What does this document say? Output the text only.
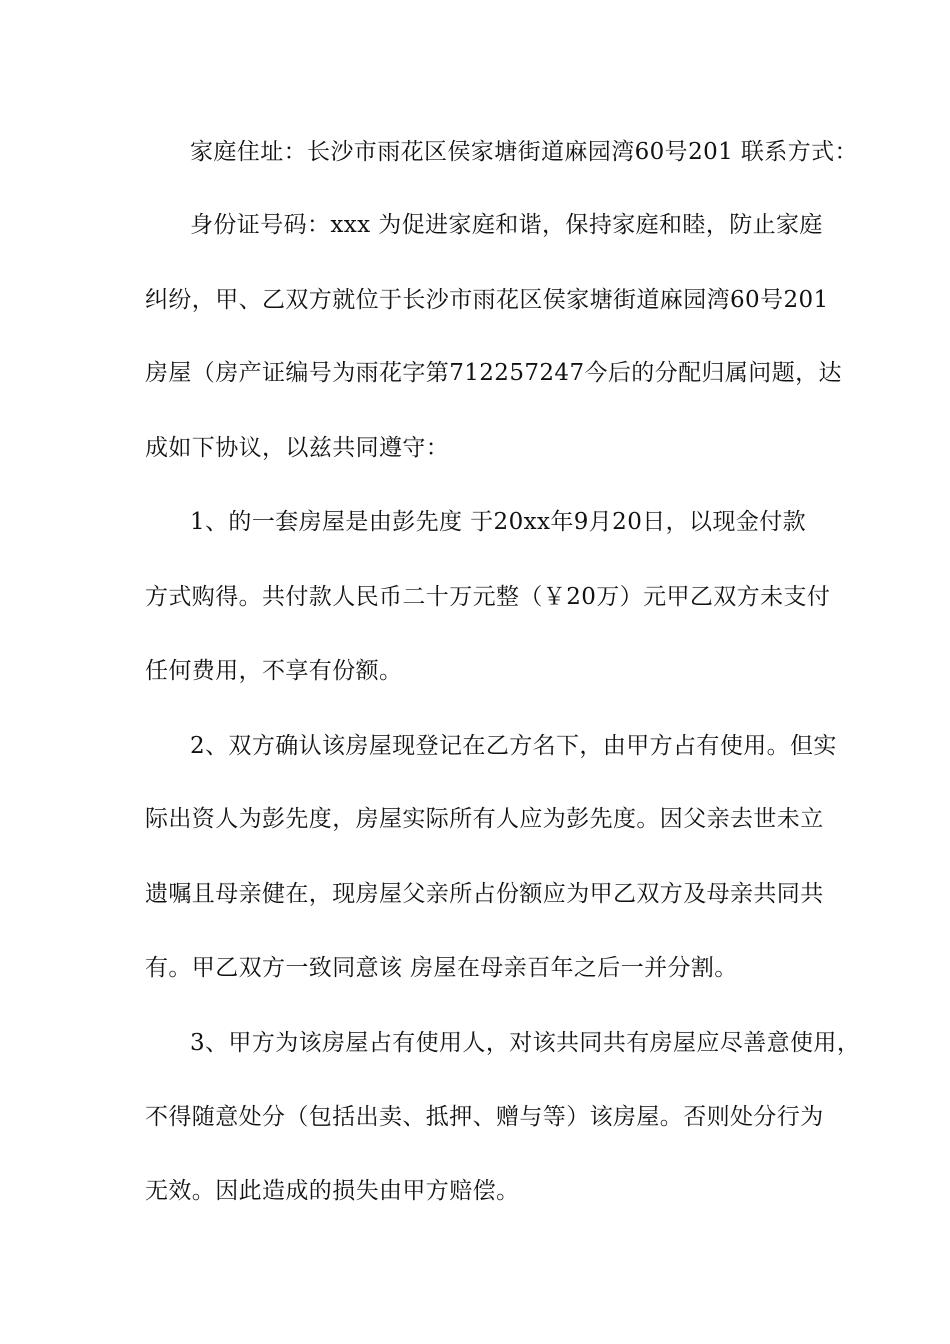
家庭住址：长沙市雨花区侯家塘街道麻园湾60号201 联系方式：
身份证号码：xxx 为促进家庭和谐，保持家庭和睦，防止家庭
纠纷，甲、乙双方就位于长沙市雨花区侯家塘街道麻园湾60号201
房屋（房产证编号为雨花字第712257247今后的分配归属问题，达
成如下协议，以兹共同遵守：
1、的一套房屋是由彭先度 于20xx年9月20日，以现金付款
方式购得。共付款人民币二十万元整（￥20万）元甲乙双方未支付
任何费用，不享有份额。
2、双方确认该房屋现登记在乙方名下，由甲方占有使用。但实
际出资人为彭先度，房屋实际所有人应为彭先度。因父亲去世未立
遗嘱且母亲健在，现房屋父亲所占份额应为甲乙双方及母亲共同共
有。甲乙双方一致同意该 房屋在母亲百年之后一并分割。
3、甲方为该房屋占有使用人，对该共同共有房屋应尽善意使用，
不得随意处分（包括出卖、抵押、赠与等）该房屋。否则处分行为
无效。因此造成的损失由甲方赔偿。
